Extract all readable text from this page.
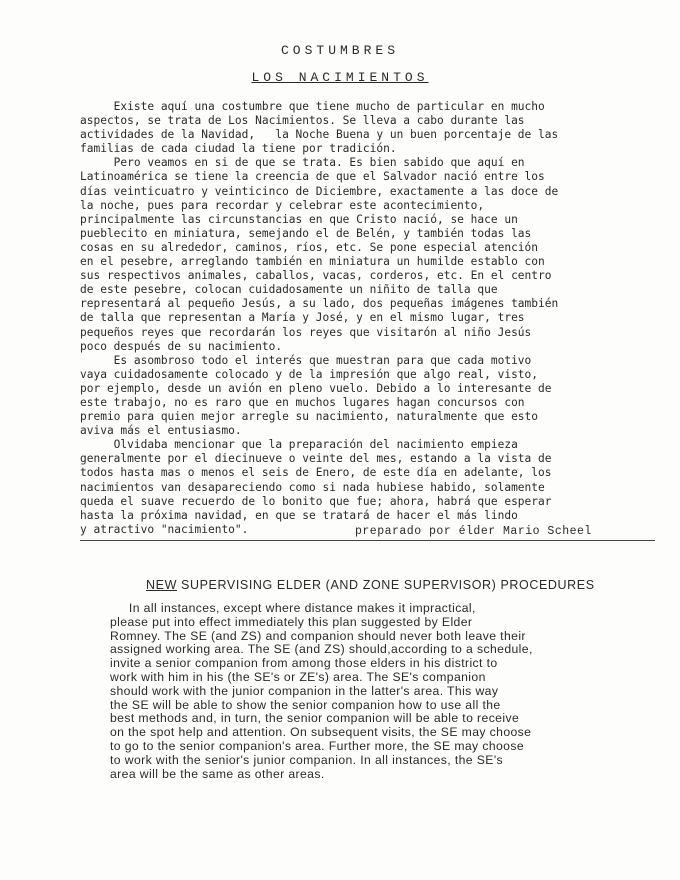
COSTUMBRES
LOS NACIMIENTOS
Existe aquí una costumbre que tiene mucho de particular en mucho
aspectos, se trata de Los Nacimientos. Se lleva a cabo durante las
actividades de la Navidad,   la Noche Buena y un buen porcentaje de las
familias de cada ciudad la tiene por tradición.
Pero veamos en si de que se trata. Es bien sabido que aquí en
Latinoamérica se tiene la creencia de que el Salvador nació entre los
días veinticuatro y veinticinco de Diciembre, exactamente a las doce de
la noche, pues para recordar y celebrar este acontecimiento,
principalmente las circunstancias en que Cristo nació, se hace un
pueblecito en miniatura, semejando el de Belén, y también todas las
cosas en su alrededor, caminos, ríos, etc. Se pone especial atención
en el pesebre, arreglando también en miniatura un humilde establo con
sus respectivos animales, caballos, vacas, corderos, etc. En el centro
de este pesebre, colocan cuidadosamente un niñito de talla que
representará al pequeño Jesús, a su lado, dos pequeñas imágenes también
de talla que representan a María y José, y en el mismo lugar, tres
pequeños reyes que recordarán los reyes que visitarón al niño Jesús
poco después de su nacimiento.
Es asombroso todo el interés que muestran para que cada motivo
vaya cuidadosamente colocado y de la impresión que algo real, visto,
por ejemplo, desde un avión en pleno vuelo. Debido a lo interesante de
este trabajo, no es raro que en muchos lugares hagan concursos con
premio para quien mejor arregle su nacimiento, naturalmente que esto
aviva más el entusiasmo.
Olvidaba mencionar que la preparación del nacimiento empieza
generalmente por el diecinueve o veinte del mes, estando a la vista de
todos hasta mas o menos el seis de Enero, de este día en adelante, los
nacimientos van desapareciendo como si nada hubiese habido, solamente
queda el suave recuerdo de lo bonito que fue; ahora, habrá que esperar
hasta la próxima navidad, en que se tratará de hacer el más lindo
y atractivo "nacimiento".	preparado por élder Mario Scheel
NEW SUPERVISING ELDER (AND ZONE SUPERVISOR) PROCEDURES
In all instances, except where distance makes it impractical,
please put into effect immediately this plan suggested by Elder
Romney. The SE (and ZS) and companion should never both leave their
assigned working area. The SE (and ZS) should,according to a schedule,
invite a senior companion from among those elders in his district to
work with him in his (the SE's or ZE's) area. The SE's companion
should work with the junior companion in the latter's area. This way
the SE will be able to show the senior companion how to use all the
best methods and, in turn, the senior companion will be able to receive
on the spot help and attention. On subsequent visits, the SE may choose
to go to the senior companion's area. Further more, the SE may choose
to work with the senior's junior companion. In all instances, the SE's
area will be the same as other areas.
